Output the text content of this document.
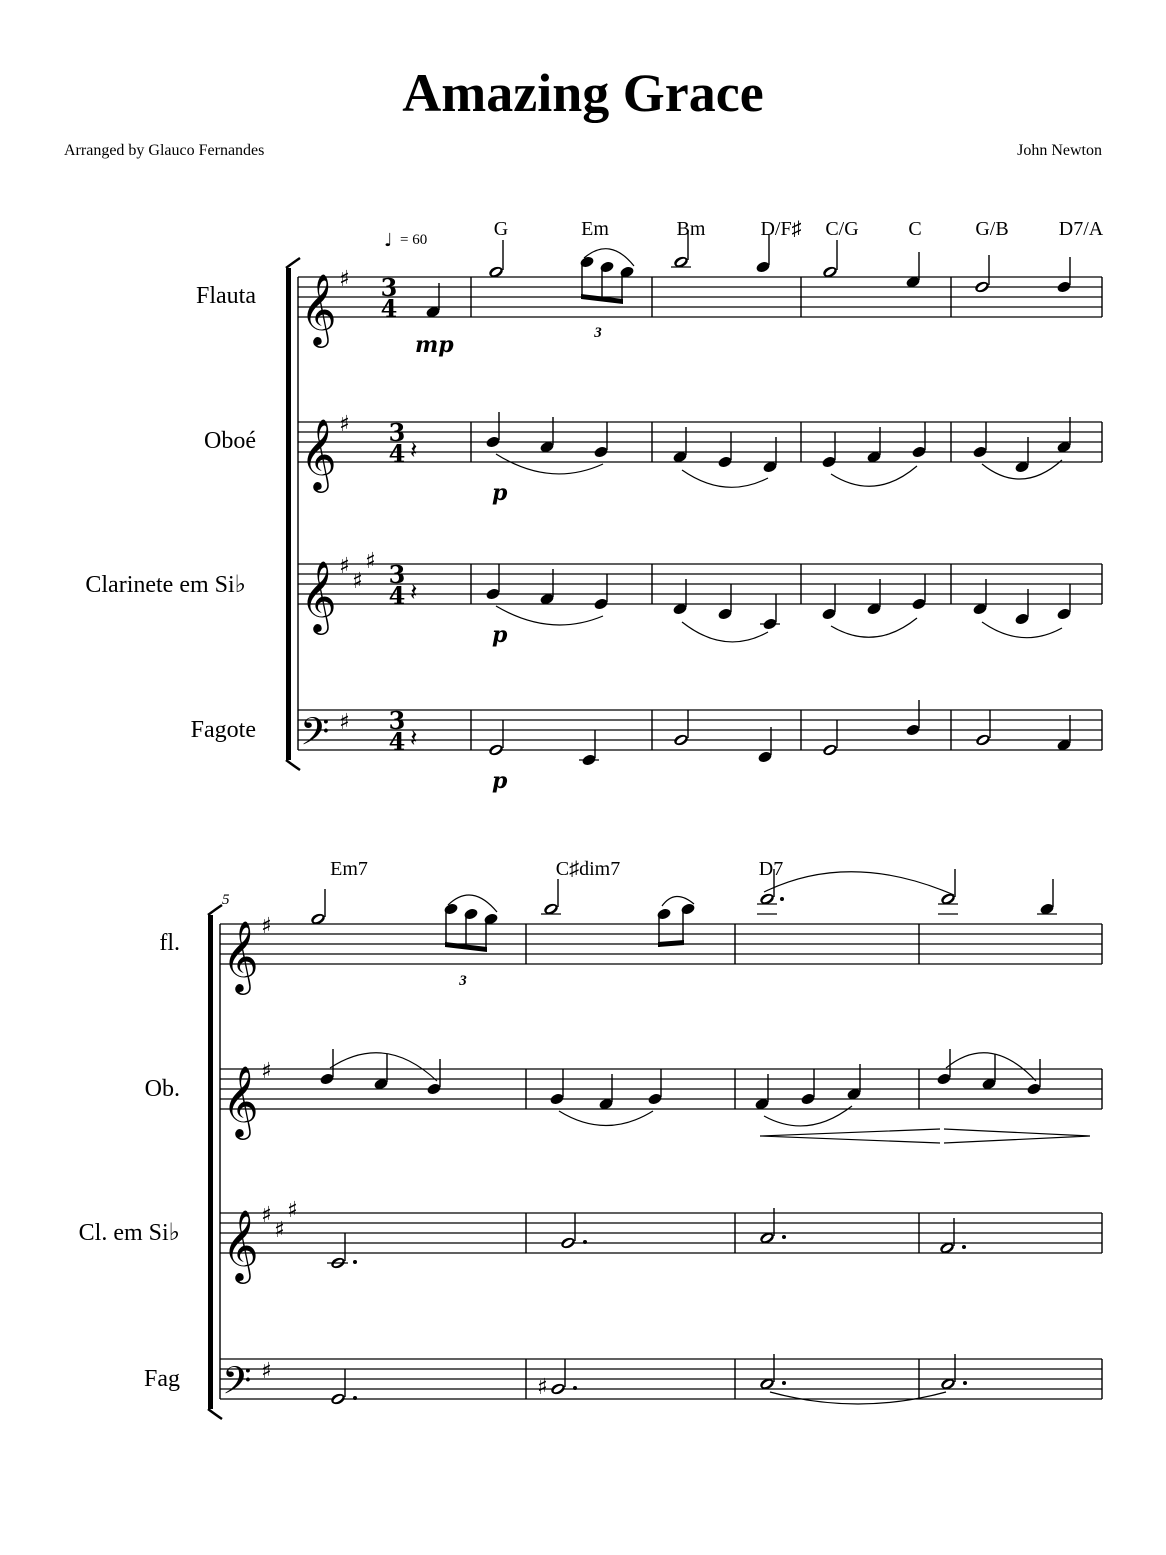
Amazing Grace
Arranged by Glauco Fernandes	John Newton
Flauta
Oboé
Clarinete em Si♭
Fagote
𝄞
𝄞
𝄞
𝄢
♯
♯
♯
♯
♯
♯
3
4
3
4
3
4
3
4
♩ = 60	G	Em	Bm	D/F♯ C/G C	G/B	D7/A
3
mp
𝄽
p
𝄽
p
𝄽
p
5
fl.
Ob.
Cl. em Si♭
Fag
𝄞
𝄞
𝄞
𝄢
♯
♯
♯
♯
♯
♯
Em7	C♯dim7	D7
3
♯
